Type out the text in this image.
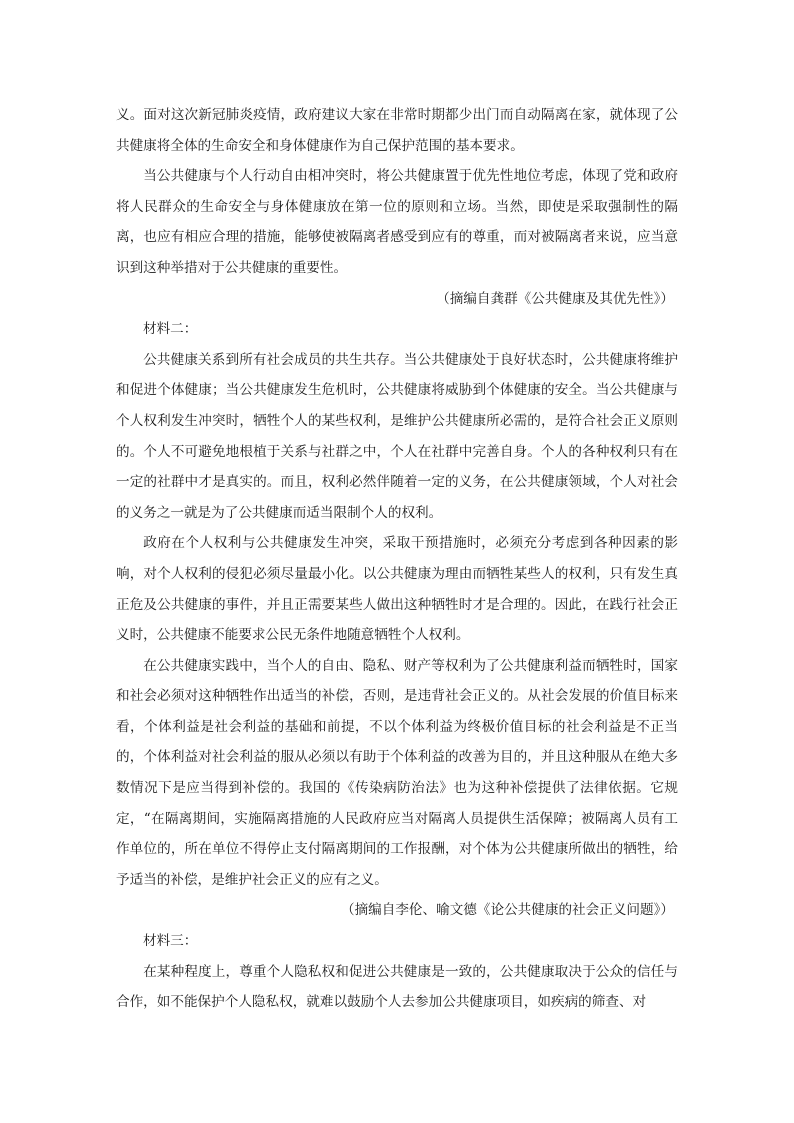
义。面对这次新冠肺炎疫情，政府建议大家在非常时期都少出门而自动隔离在家，就体现了公共健康将全体的生命安全和身体健康作为自己保护范围的基本要求。

当公共健康与个人行动自由相冲突时，将公共健康置于优先性地位考虑，体现了党和政府将人民群众的生命安全与身体健康放在第一位的原则和立场。当然，即使是采取强制性的隔离，也应有相应合理的措施，能够使被隔离者感受到应有的尊重，而对被隔离者来说，应当意识到这种举措对于公共健康的重要性。

（摘编自龚群《公共健康及其优先性》）

材料二：

公共健康关系到所有社会成员的共生共存。当公共健康处于良好状态时，公共健康将维护和促进个体健康；当公共健康发生危机时，公共健康将威胁到个体健康的安全。当公共健康与个人权利发生冲突时，牺牲个人的某些权利，是维护公共健康所必需的，是符合社会正义原则的。个人不可避免地根植于关系与社群之中，个人在社群中完善自身。个人的各种权利只有在一定的社群中才是真实的。而且，权利必然伴随着一定的义务，在公共健康领域，个人对社会的义务之一就是为了公共健康而适当限制个人的权利。

政府在个人权利与公共健康发生冲突，采取干预措施时，必须充分考虑到各种因素的影响，对个人权利的侵犯必须尽量最小化。以公共健康为理由而牺牲某些人的权利，只有发生真正危及公共健康的事件，并且正需要某些人做出这种牺牲时才是合理的。因此，在践行社会正义时，公共健康不能要求公民无条件地随意牺牲个人权利。

在公共健康实践中，当个人的自由、隐私、财产等权利为了公共健康利益而牺牲时，国家和社会必须对这种牺牲作出适当的补偿，否则，是违背社会正义的。从社会发展的价值目标来看，个体利益是社会利益的基础和前提，不以个体利益为终极价值目标的社会利益是不正当的，个体利益对社会利益的服从必须以有助于个体利益的改善为目的，并且这种服从在绝大多数情况下是应当得到补偿的。我国的《传染病防治法》也为这种补偿提供了法律依据。它规定，“在隔离期间，实施隔离措施的人民政府应当对隔离人员提供生活保障；被隔离人员有工作单位的，所在单位不得停止支付隔离期间的工作报酬，对个体为公共健康所做出的牺牲，给予适当的补偿，是维护社会正义的应有之义。

（摘编自李伦、喻文德《论公共健康的社会正义问题》）

材料三：

在某种程度上，尊重个人隐私权和促进公共健康是一致的，公共健康取决于公众的信任与合作，如不能保护个人隐私权，就难以鼓励个人去参加公共健康项目，如疾病的筛查、对
